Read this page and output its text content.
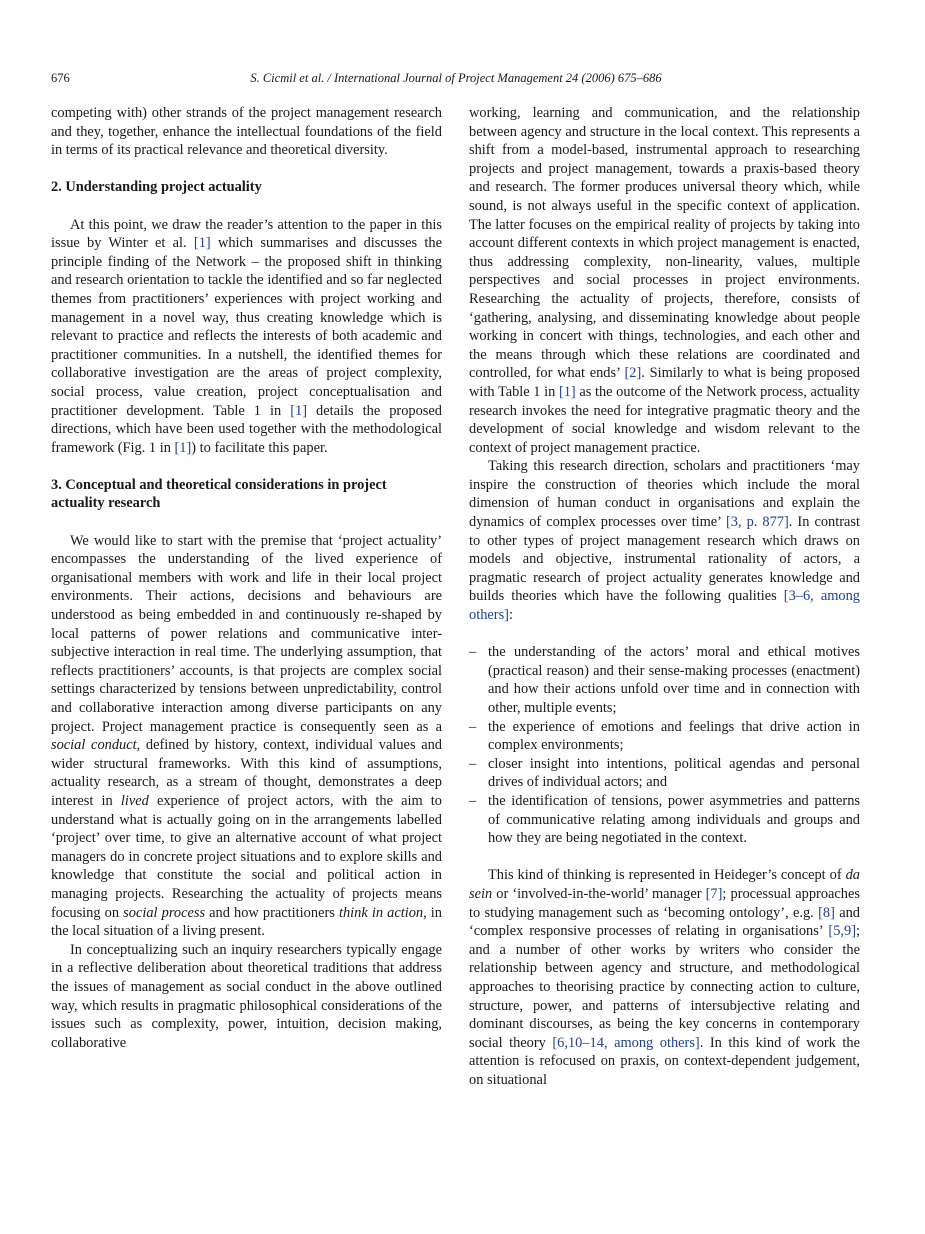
676	S. Cicmil et al. / International Journal of Project Management 24 (2006) 675–686

competing with) other strands of the project management research and they, together, enhance the intellectual foundations of the field in terms of its practical relevance and theoretical diversity.

2. Understanding project actuality

At this point, we draw the reader’s attention to the paper in this issue by Winter et al. [1] which summarises and discusses the principle finding of the Network – the proposed shift in thinking and research orientation to tackle the identified and so far neglected themes from practitioners’ experiences with project working and management in a novel way, thus creating knowledge which is relevant to practice and reflects the interests of both academic and practitioner communities. In a nutshell, the identified themes for collaborative investigation are the areas of project complexity, social process, value creation, project conceptualisation and practitioner development. Table 1 in [1] details the proposed directions, which have been used together with the methodological framework (Fig. 1 in [1]) to facilitate this paper.

3. Conceptual and theoretical considerations in project actuality research

We would like to start with the premise that ‘project actuality’ encompasses the understanding of the lived experience of organisational members with work and life in their local project environments. Their actions, decisions and behaviours are understood as being embedded in and continuously re-shaped by local patterns of power relations and communicative inter-subjective interaction in real time. The underlying assumption, that reflects practitioners’ accounts, is that projects are complex social settings characterized by tensions between unpredictability, control and collaborative interaction among diverse participants on any project. Project management practice is consequently seen as a social conduct, defined by history, context, individual values and wider structural frameworks. With this kind of assumptions, actuality research, as a stream of thought, demonstrates a deep interest in lived experience of project actors, with the aim to understand what is actually going on in the arrangements labelled ‘project’ over time, to give an alternative account of what project managers do in concrete project situations and to explore skills and knowledge that constitute the social and political action in managing projects. Researching the actuality of projects means focusing on social process and how practitioners think in action, in the local situation of a living present.

In conceptualizing such an inquiry researchers typically engage in a reflective deliberation about theoretical traditions that address the issues of management as social conduct in the above outlined way, which results in pragmatic philosophical considerations of the issues such as complexity, power, intuition, decision making, collaborative

working, learning and communication, and the relationship between agency and structure in the local context. This represents a shift from a model-based, instrumental approach to researching projects and project management, towards a praxis-based theory and research. The former produces universal theory which, while sound, is not always useful in the specific context of application. The latter focuses on the empirical reality of projects by taking into account different contexts in which project management is enacted, thus addressing complexity, non-linearity, values, multiple perspectives and social processes in project environments. Researching the actuality of projects, therefore, consists of ‘gathering, analysing, and disseminating knowledge about people working in concert with things, technologies, and each other and the means through which these relations are coordinated and controlled, for what ends’ [2]. Similarly to what is being proposed with Table 1 in [1] as the outcome of the Network process, actuality research invokes the need for integrative pragmatic theory and the development of social knowledge and wisdom relevant to the context of project management practice.

Taking this research direction, scholars and practitioners ‘may inspire the construction of theories which include the moral dimension of human conduct in organisations and explain the dynamics of complex processes over time’ [3, p. 877]. In contrast to other types of project management research which draws on models and objective, instrumental rationality of actors, a pragmatic research of project actuality generates knowledge and builds theories which have the following qualities [3–6, among others]:

– the understanding of the actors’ moral and ethical motives (practical reason) and their sense-making processes (enactment) and how their actions unfold over time and in connection with other, multiple events;
– the experience of emotions and feelings that drive action in complex environments;
– closer insight into intentions, political agendas and personal drives of individual actors; and
– the identification of tensions, power asymmetries and patterns of communicative relating among individuals and groups and how they are being negotiated in the context.

This kind of thinking is represented in Heideger’s concept of da sein or ‘involved-in-the-world’ manager [7]; processual approaches to studying management such as ‘becoming ontology’, e.g. [8] and ‘complex responsive processes of relating in organisations’ [5,9]; and a number of other works by writers who consider the relationship between agency and structure, and methodological approaches to theorising practice by connecting action to culture, structure, power, and patterns of intersubjective relating and dominant discourses, as being the key concerns in contemporary social theory [6,10–14, among others]. In this kind of work the attention is refocused on praxis, on context-dependent judgement, on situational
